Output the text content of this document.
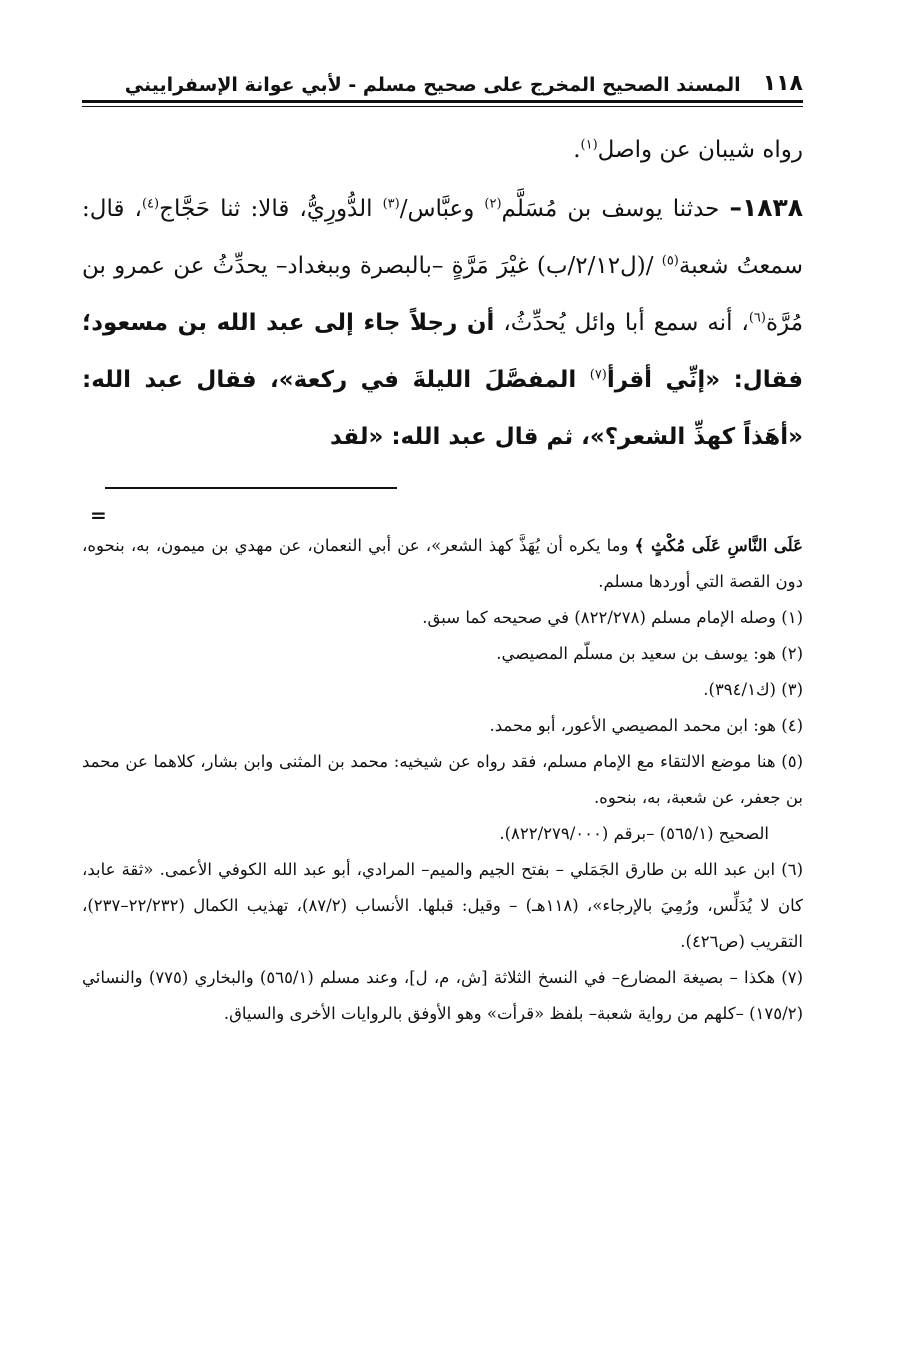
١١٨
المسند الصحيح المخرج على صحيح مسلم - لأبي عوانة الإسفراييني

رواه شيبان عن واصل$^{(١)}$.

١٨٣٨– حدثنا يوسف بن مُسَلَّم$^{(٢)}$ وعبَّاس/$^{(٣)}$ الدُّورِيُّ، قالا: ثنا حَجَّاج$^{(٤)}$، قال: سمعتُ شعبة$^{(٥)}$ /(ل٢/١٢/ب) غيْرَ مَرَّةٍ –بالبصرة وببغداد– يحدِّثُ عن عمرو بن مُرَّة$^{(٦)}$، أنه سمع أبا وائل يُحدِّثُ، أن رجلاً جاء إلى عبد الله بن مسعود؛ فقال: «إنِّي أقرأ$^{(٧)}$ المفصَّلَ الليلةَ في ركعة»، فقال عبد الله: «أهَذاً كهذِّ الشعر؟»، ثم قال عبد الله: «لقد

=

عَلَى النَّاسِ عَلَى مُكْثٍ ﴾ وما يكره أن يُهَذَّ كهذ الشعر»، عن أبي النعمان، عن مهدي بن ميمون، به، بنحوه، دون القصة التي أوردها مسلم.

(١) وصله الإمام مسلم (٨٢٢/٢٧٨) في صحيحه كما سبق.

(٢) هو: يوسف بن سعيد بن مسلّم المصيصي.

(٣) (ك٣٩٤/١).

(٤) هو: ابن محمد المصيصي الأعور، أبو محمد.

(٥) هنا موضع الالتقاء مع الإمام مسلم، فقد رواه عن شيخيه: محمد بن المثنى وابن بشار، كلاهما عن محمد بن جعفر، عن شعبة، به، بنحوه.

الصحيح (٥٦٥/١) –برقم (٨٢٢/٢٧٩/٠٠٠).

(٦) ابن عبد الله بن طارق الجَمَلي – بفتح الجيم والميم– المرادي، أبو عبد الله الكوفي الأعمى. «ثقة عابد، كان لا يُدَلِّس، ورُمِيَ بالإرجاء»، (١١٨هـ) – وقيل: قبلها. الأنساب (٨٧/٢)، تهذيب الكمال (٢٢/٢٣٢–٢٣٧)، التقريب (ص٤٢٦).

(٧) هكذا – بصيغة المضارع– في النسخ الثلاثة [ش، م، ل]، وعند مسلم (٥٦٥/١) والبخاري (٧٧٥) والنسائي (١٧٥/٢) –كلهم من رواية شعبة– بلفظ «قرأت» وهو الأوفق بالروايات الأخرى والسياق.
